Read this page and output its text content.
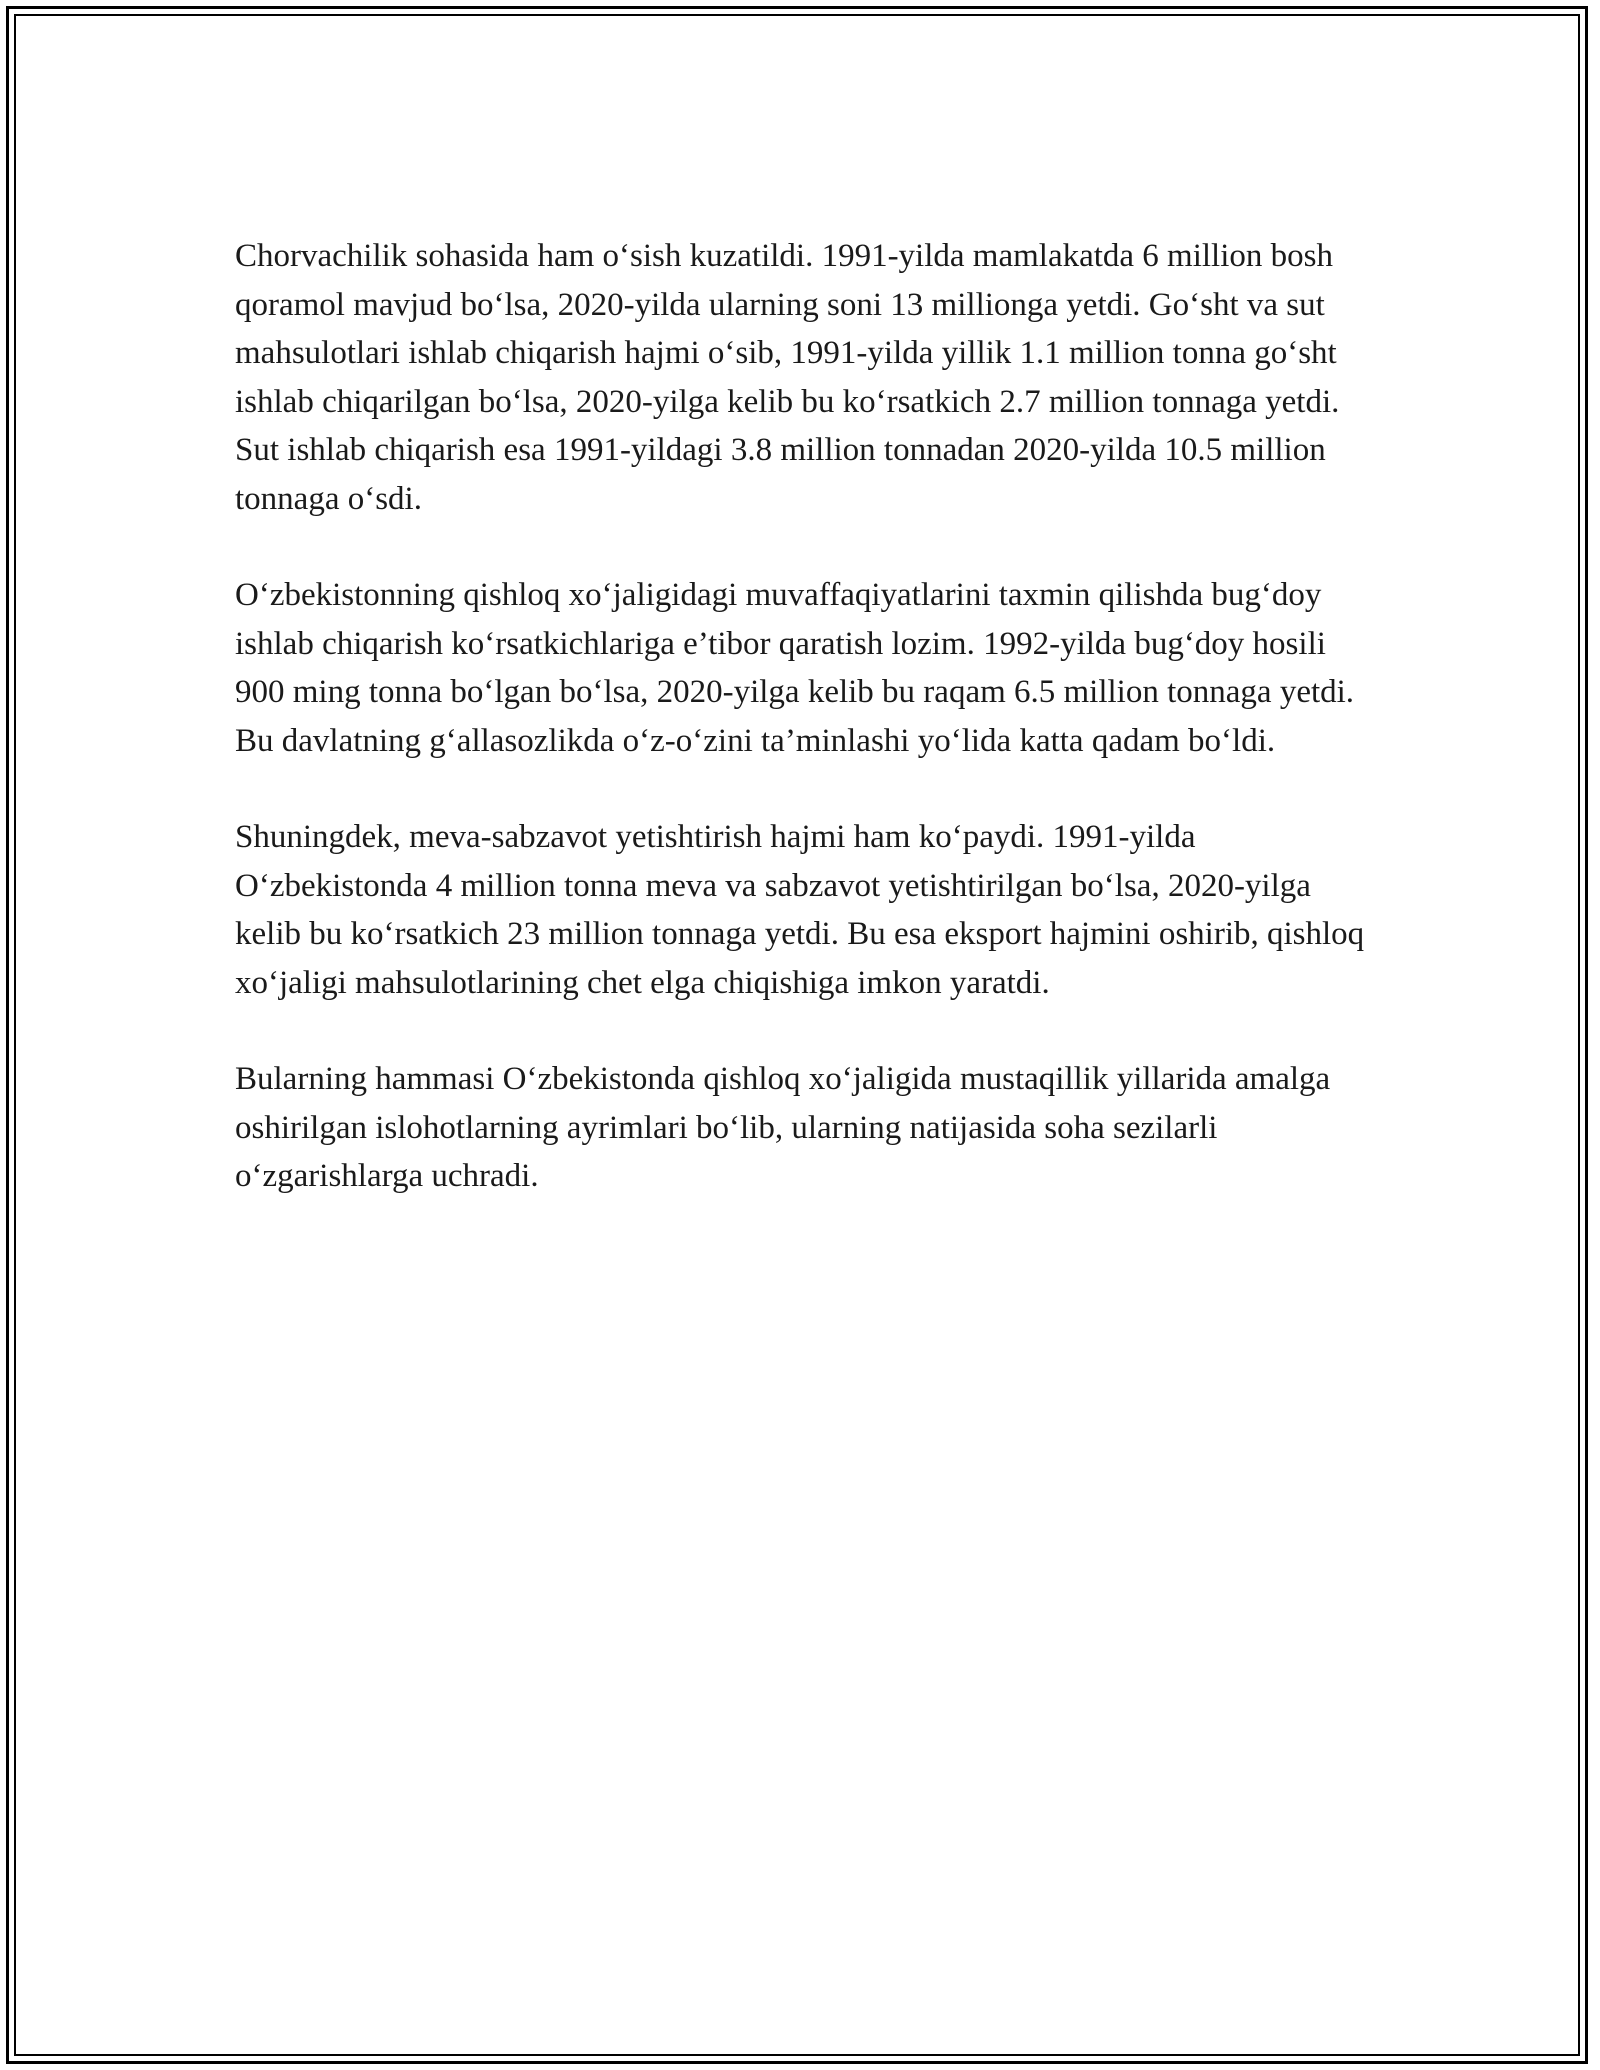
Chorvachilik sohasida ham o‘sish kuzatildi. 1991-yilda mamlakatda 6 million bosh qoramol mavjud bo‘lsa, 2020-yilda ularning soni 13 millionga yetdi. Go‘sht va sut mahsulotlari ishlab chiqarish hajmi o‘sib, 1991-yilda yillik 1.1 million tonna go‘sht ishlab chiqarilgan bo‘lsa, 2020-yilga kelib bu ko‘rsatkich 2.7 million tonnaga yetdi. Sut ishlab chiqarish esa 1991-yildagi 3.8 million tonnadan 2020-yilda 10.5 million tonnaga o‘sdi.

O‘zbekistonning qishloq xo‘jaligidagi muvaffaqiyatlarini taxmin qilishda bug‘doy ishlab chiqarish ko‘rsatkichlariga e’tibor qaratish lozim. 1992-yilda bug‘doy hosili 900 ming tonna bo‘lgan bo‘lsa, 2020-yilga kelib bu raqam 6.5 million tonnaga yetdi. Bu davlatning g‘allasozlikda o‘z-o‘zini ta’minlashi yo‘lida katta qadam bo‘ldi.

Shuningdek, meva-sabzavot yetishtirish hajmi ham ko‘paydi. 1991-yilda O‘zbekistonda 4 million tonna meva va sabzavot yetishtirilgan bo‘lsa, 2020-yilga kelib bu ko‘rsatkich 23 million tonnaga yetdi. Bu esa eksport hajmini oshirib, qishloq xo‘jaligi mahsulotlarining chet elga chiqishiga imkon yaratdi.

Bularning hammasi O‘zbekistonda qishloq xo‘jaligida mustaqillik yillarida amalga oshirilgan islohotlarning ayrimlari bo‘lib, ularning natijasida soha sezilarli o‘zgarishlarga uchradi.
